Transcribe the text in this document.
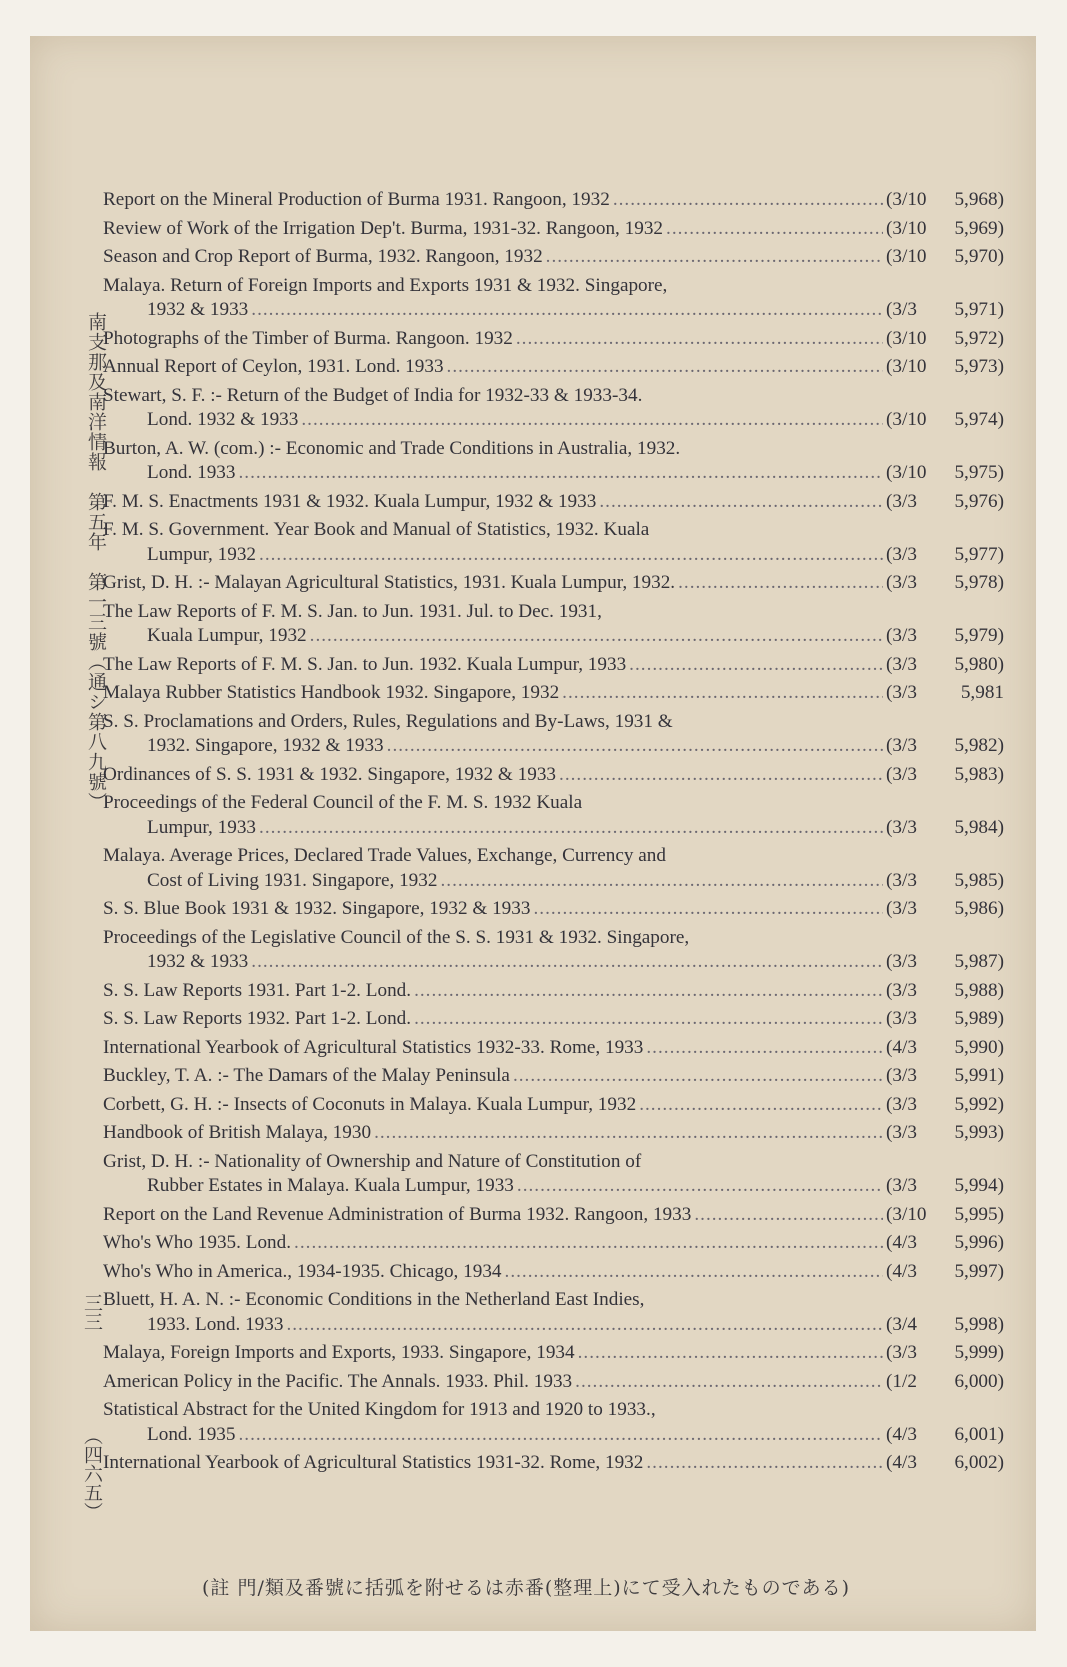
南支那及南洋情報　第五年　第一三號（通シ第八九號）
三三
（四六五）
(註 門/類及番號に括弧を附せるは赤番(整理上)にて受入れたものである)
Report on the Mineral Production of Burma 1931. Rangoon, 1932 .....	(3/10	5,968)
Review of Work of the Irrigation Dep't. Burma, 1931-32. Rangoon, 1932 .....	(3/10	5,969)
Season and Crop Report of Burma, 1932. Rangoon, 1932 .....	(3/10	5,970)
Malaya. Return of Foreign Imports and Exports 1931 & 1932. Singapore,
1932 & 1933 .....	(3/3	5,971)
Photographs of the Timber of Burma. Rangoon. 1932 .....	(3/10	5,972)
Annual Report of Ceylon, 1931. Lond. 1933 .....	(3/10	5,973)
Stewart, S. F. :- Return of the Budget of India for 1932-33 & 1933-34.
Lond. 1932 & 1933 .....	(3/10	5,974)
Burton, A. W. (com.) :- Economic and Trade Conditions in Australia, 1932.
Lond. 1933 .....	(3/10	5,975)
F. M. S. Enactments 1931 & 1932. Kuala Lumpur, 1932 & 1933 .....	(3/3	5,976)
F. M. S. Government. Year Book and Manual of Statistics, 1932. Kuala
Lumpur, 1932 .....	(3/3	5,977)
Grist, D. H. :- Malayan Agricultural Statistics, 1931. Kuala Lumpur, 1932. .....	(3/3	5,978)
The Law Reports of F. M. S. Jan. to Jun. 1931. Jul. to Dec. 1931,
Kuala Lumpur, 1932 .....	(3/3	5,979)
The Law Reports of F. M. S. Jan. to Jun. 1932. Kuala Lumpur, 1933 .....	(3/3	5,980)
Malaya Rubber Statistics Handbook 1932. Singapore, 1932 .....	(3/3	5,981
S. S. Proclamations and Orders, Rules, Regulations and By-Laws, 1931 &
1932. Singapore, 1932 & 1933 .....	(3/3	5,982)
Ordinances of S. S. 1931 & 1932. Singapore, 1932 & 1933 .....	(3/3	5,983)
Proceedings of the Federal Council of the F. M. S. 1932 Kuala
Lumpur, 1933 .....	(3/3	5,984)
Malaya. Average Prices, Declared Trade Values, Exchange, Currency and
Cost of Living 1931. Singapore, 1932 .....	(3/3	5,985)
S. S. Blue Book 1931 & 1932. Singapore, 1932 & 1933 .....	(3/3	5,986)
Proceedings of the Legislative Council of the S. S. 1931 & 1932. Singapore,
1932 & 1933 .....	(3/3	5,987)
S. S. Law Reports 1931. Part 1-2. Lond. .....	(3/3	5,988)
S. S. Law Reports 1932. Part 1-2. Lond. .....	(3/3	5,989)
International Yearbook of Agricultural Statistics 1932-33. Rome, 1933 .....	(4/3	5,990)
Buckley, T. A. :- The Damars of the Malay Peninsula .....	(3/3	5,991)
Corbett, G. H. :- Insects of Coconuts in Malaya. Kuala Lumpur, 1932 .....	(3/3	5,992)
Handbook of British Malaya, 1930 .....	(3/3	5,993)
Grist, D. H. :- Nationality of Ownership and Nature of Constitution of
Rubber Estates in Malaya. Kuala Lumpur, 1933 .....	(3/3	5,994)
Report on the Land Revenue Administration of Burma 1932. Rangoon, 1933 .....	(3/10	5,995)
Who's Who 1935. Lond. .....	(4/3	5,996)
Who's Who in America., 1934-1935. Chicago, 1934 .....	(4/3	5,997)
Bluett, H. A. N. :- Economic Conditions in the Netherland East Indies,
1933. Lond. 1933 .....	(3/4	5,998)
Malaya, Foreign Imports and Exports, 1933. Singapore, 1934 .....	(3/3	5,999)
American Policy in the Pacific. The Annals. 1933. Phil. 1933 .....	(1/2	6,000)
Statistical Abstract for the United Kingdom for 1913 and 1920 to 1933.,
Lond. 1935 .....	(4/3	6,001)
International Yearbook of Agricultural Statistics 1931-32. Rome, 1932 .....	(4/3	6,002)
